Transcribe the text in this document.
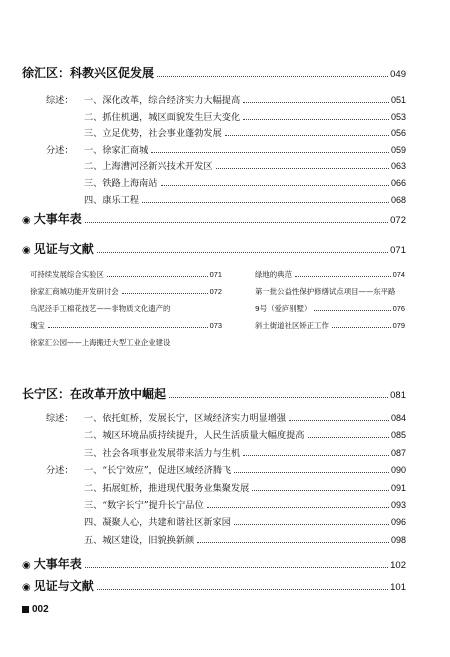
徐汇区：科教兴区促发展	049
综述：	一、深化改革，综合经济实力大幅提高	051
二、抓住机遇，城区面貌发生巨大变化	053
三、立足优势，社会事业蓬勃发展	056
分述：	一、徐家汇商城	059
二、上海漕河泾新兴技术开发区	063
三、铁路上海南站	066
四、康乐工程	068
◉ 大事年表	072
◉ 见证与文献	071
可持续发展综合实验区	071
徐家汇商城功能开发研讨会	072
乌泥泾手工棉花技艺——非物质文化遗产的
瑰宝	073
徐家汇公园——上海搬迁大型工业企业建设
绿地的典范	074
第一批公益性保护修缮试点项目——东平路
9号（爱庐别墅）	076
斜土街道社区矫正工作	079
长宁区：在改革开放中崛起	081
综述：	一、依托虹桥，发展长宁，区域经济实力明显增强	084
二、城区环境品质持续提升，人民生活质量大幅度提高	085
三、社会各项事业发展带来活力与生机	087
分述：	一、“长宁效应”，促进区域经济腾飞	090
二、拓展虹桥，推进现代服务业集聚发展	091
三、“数字长宁”提升长宁品位	093
四、凝聚人心，共建和谐社区新家园	096
五、城区建设，旧貌换新颜	098
◉ 大事年表	102
◉ 见证与文献	101
002
